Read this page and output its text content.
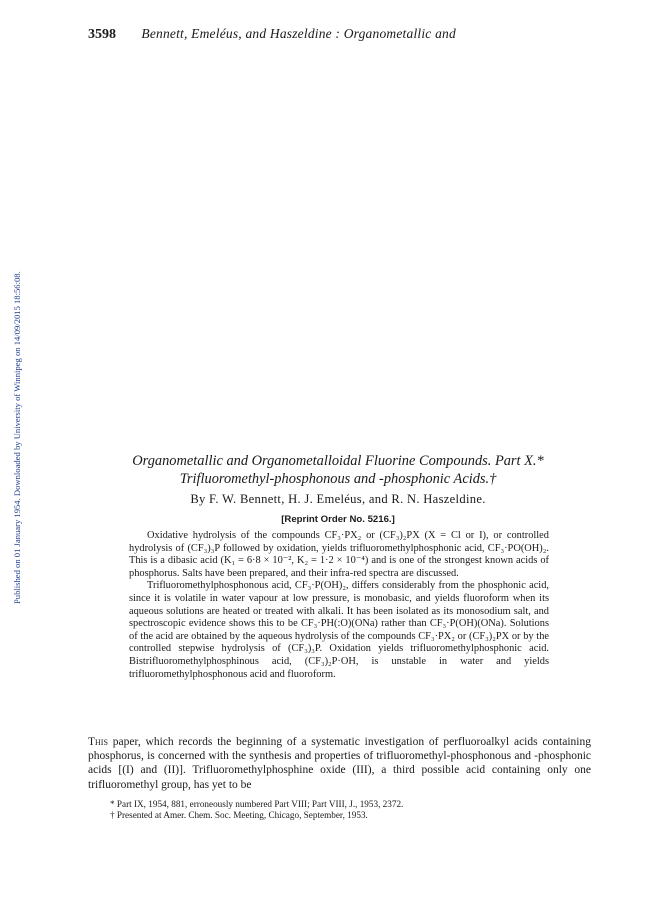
Published on 01 January 1954. Downloaded by University of Winnipeg on 14/09/2015 18:56:08.
3598 Bennett, Emeléus, and Haszeldine : Organometallic and
Organometallic and Organometalloidal Fluorine Compounds. Part X.*
Trifluoromethyl-phosphonous and -phosphonic Acids.†
By F. W. Bennett, H. J. Emeléus, and R. N. Haszeldine.
[Reprint Order No. 5216.]

Oxidative hydrolysis of the compounds CF₃·PX₂ or (CF₃)₂PX (X = Cl or I), or controlled hydrolysis of (CF₃)₃P followed by oxidation, yields trifluoromethylphosphonic acid, CF₃·PO(OH)₂. This is a dibasic acid (K₁ = 6·8 × 10⁻², K₂ = 1·2 × 10⁻⁴) and is one of the strongest known acids of phosphorus. Salts have been prepared, and their infra-red spectra are discussed.

Trifluoromethylphosphonous acid, CF₃·P(OH)₂, differs considerably from the phosphonic acid, since it is volatile in water vapour at low pressure, is monobasic, and yields fluoroform when its aqueous solutions are heated or treated with alkali. It has been isolated as its monosodium salt, and spectroscopic evidence shows this to be CF₃·PH(:O)(ONa) rather than CF₃·P(OH)(ONa). Solutions of the acid are obtained by the aqueous hydrolysis of the compounds CF₃·PX₂ or (CF₃)₂PX or by the controlled stepwise hydrolysis of (CF₃)₃P. Oxidation yields trifluoromethylphosphonic acid. Bistrifluoromethylphosphinous acid, (CF₃)₂P·OH, is unstable in water and yields trifluoromethylphosphonous acid and fluoroform.

This paper, which records the beginning of a systematic investigation of perfluoroalkyl acids containing phosphorus, is concerned with the synthesis and properties of trifluoromethyl-phosphonous and -phosphonic acids [(I) and (II)]. Trifluoromethylphosphine oxide (III), a third possible acid containing only one trifluoromethyl group, has yet to be

* Part IX, 1954, 881, erroneously numbered Part VIII; Part VIII, J., 1953, 2372.

† Presented at Amer. Chem. Soc. Meeting, Chicago, September, 1953.
